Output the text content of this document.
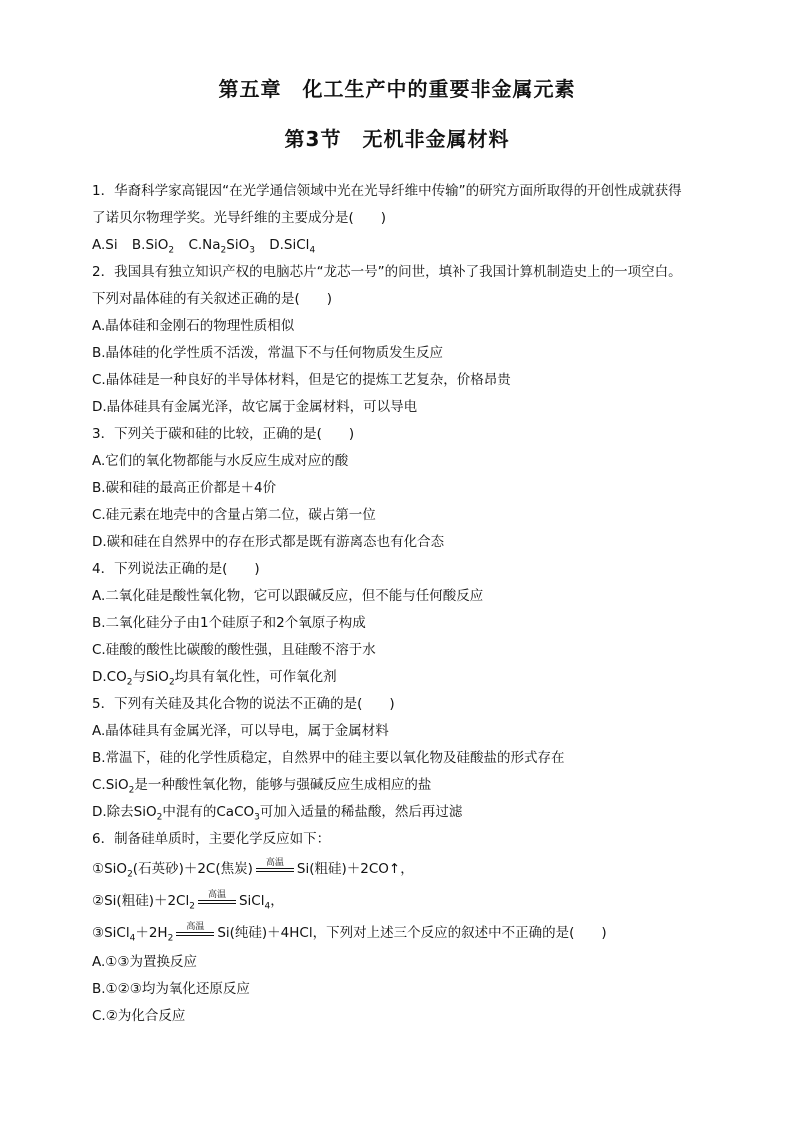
第五章　化工生产中的重要非金属元素
第3节　无机非金属材料
1．华裔科学家高锟因“在光学通信领域中光在光导纤维中传输”的研究方面所取得的开创性成就获得
了诺贝尔物理学奖。光导纤维的主要成分是(　　)
A.Si B.SiO$_2$ $C.Na_2SiO_3$ D.SiCl$_4$
2．我国具有独立知识产权的电脑芯片“龙芯一号”的问世，填补了我国计算机制造史上的一项空白。
下列对晶体硅的有关叙述正确的是(　　)
A.晶体硅和金刚石的物理性质相似
B.晶体硅的化学性质不活泼，常温下不与任何物质发生反应
C.晶体硅是一种良好的半导体材料，但是它的提炼工艺复杂，价格昂贵
D.晶体硅具有金属光泽，故它属于金属材料，可以导电
3．下列关于碳和硅的比较，正确的是(　　)
A.它们的氧化物都能与水反应生成对应的酸
B.碳和硅的最高正价都是＋4价
C.硅元素在地壳中的含量占第二位，碳占第一位
D.碳和硅在自然界中的存在形式都是既有游离态也有化合态
4．下列说法正确的是(　　)
A.二氧化硅是酸性氧化物，它可以跟碱反应，但不能与任何酸反应
B.二氧化硅分子由1个硅原子和2个氧原子构成
C.硅酸的酸性比碳酸的酸性强，且硅酸不溶于水
$D.CO_2$与SiO$_2$均具有氧化性，可作氧化剂
5．下列有关硅及其化合物的说法不正确的是(　　)
A.晶体硅具有金属光泽，可以导电，属于金属材料
B.常温下，硅的化学性质稳定，自然界中的硅主要以氧化物及硅酸盐的形式存在
C.SiO$_2$是一种酸性氧化物，能够与强碱反应生成相应的盐
D.除去SiO$_2$中混有的CaCO$_3$可加入适量的稀盐酸，然后再过滤
6．制备硅单质时，主要化学反应如下：
①SiO$_2$(石英砂)＋2C(焦炭)	高温 Si(粗硅)＋2CO↑，
②Si(粗硅)$+2Cl_2$
高温 SiCl$_4$，
$③SiCl_4+2H_2$
高温 Si(纯硅)＋4HCl，下列对上述三个反应的叙述中不正确的是(　　)
A.①③为置换反应
B.①②③均为氧化还原反应
C.②为化合反应
